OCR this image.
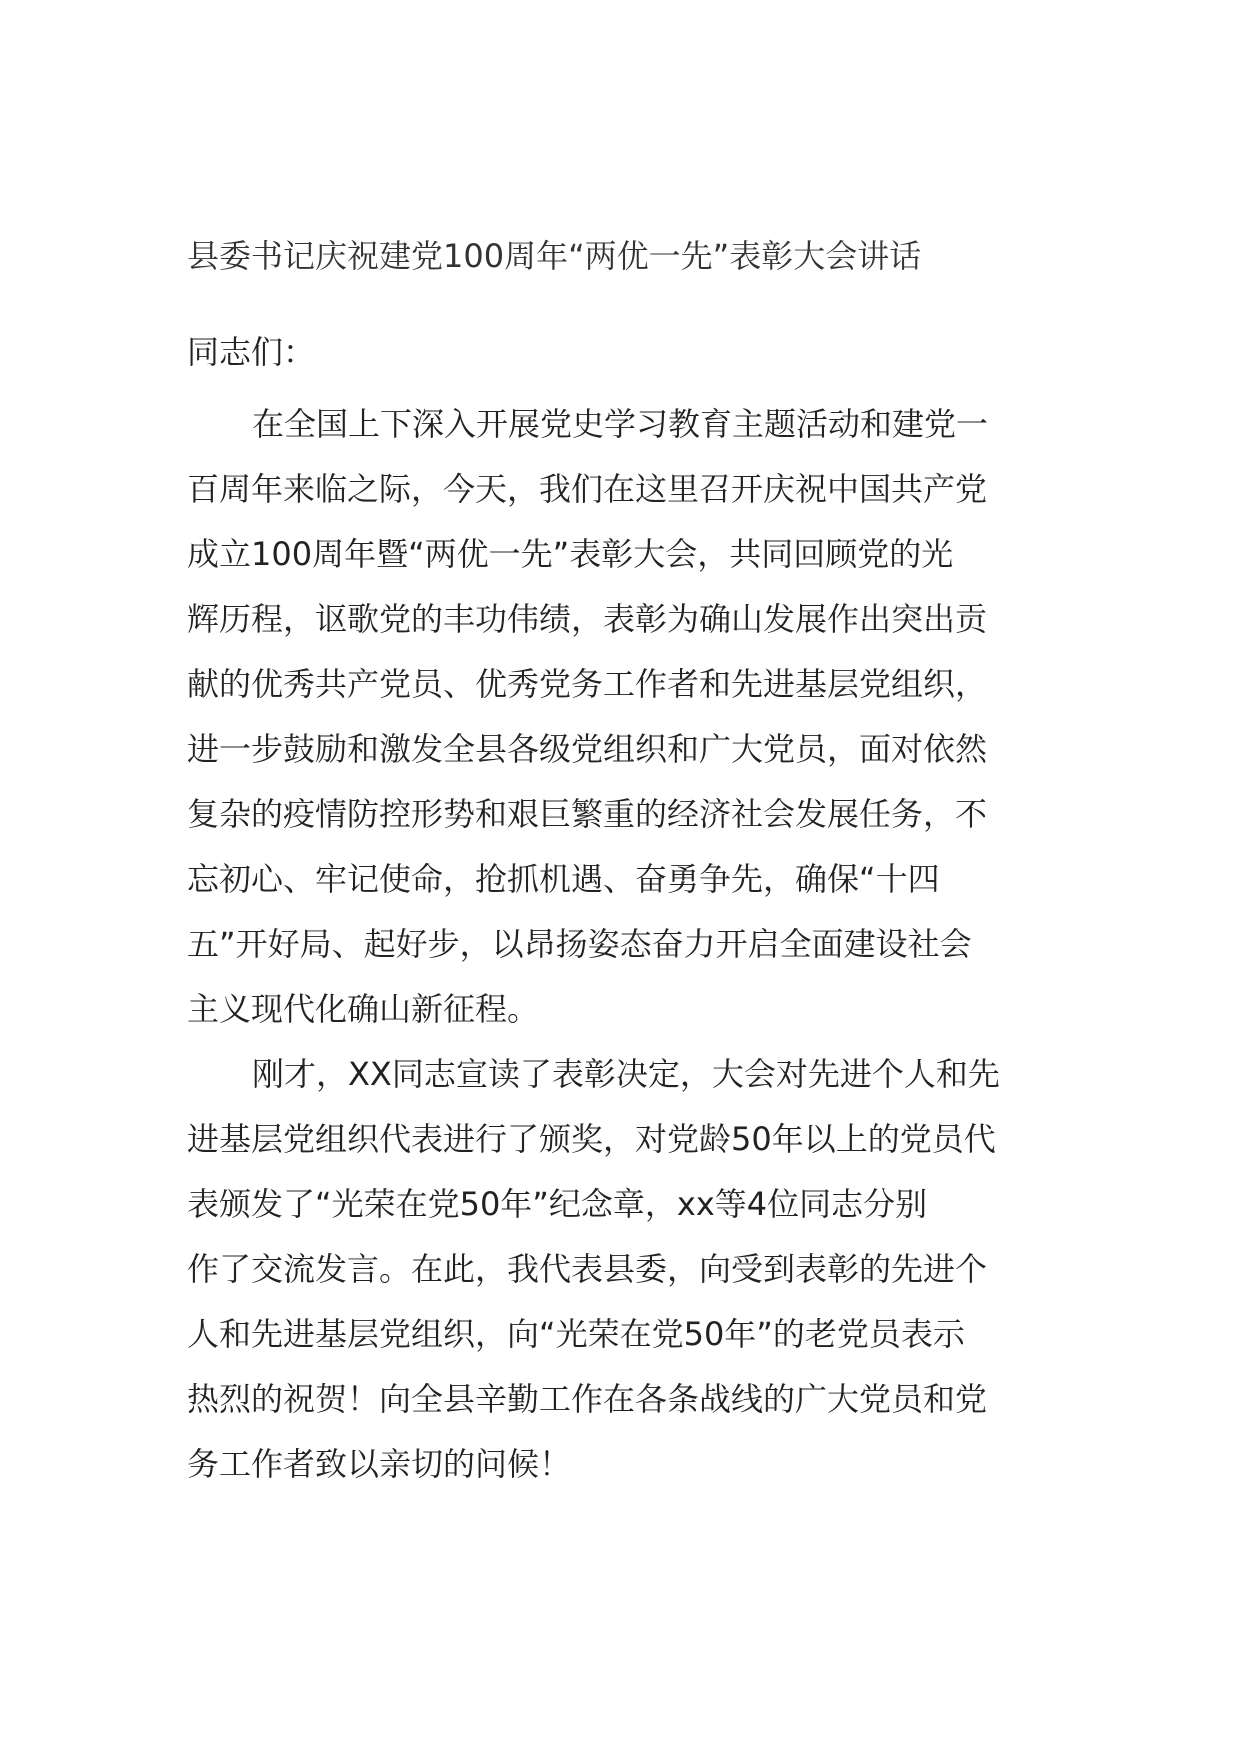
县委书记庆祝建党100周年“两优一先”表彰大会讲话
同志们：
在全国上下深入开展党史学习教育主题活动和建党一
百周年来临之际，今天，我们在这里召开庆祝中国共产党
成立100周年暨“两优一先”表彰大会，共同回顾党的光
辉历程，讴歌党的丰功伟绩，表彰为确山发展作出突出贡
献的优秀共产党员、优秀党务工作者和先进基层党组织，
进一步鼓励和激发全县各级党组织和广大党员，面对依然
复杂的疫情防控形势和艰巨繁重的经济社会发展任务，不
忘初心、牢记使命，抢抓机遇、奋勇争先，确保“十四
五”开好局、起好步，以昂扬姿态奋力开启全面建设社会
主义现代化确山新征程。
刚才，XX同志宣读了表彰决定，大会对先进个人和先
进基层党组织代表进行了颁奖，对党龄50年以上的党员代
表颁发了“光荣在党50年”纪念章，xx等4位同志分别
作了交流发言。在此，我代表县委，向受到表彰的先进个
人和先进基层党组织，向“光荣在党50年”的老党员表示
热烈的祝贺！向全县辛勤工作在各条战线的广大党员和党
务工作者致以亲切的问候！
